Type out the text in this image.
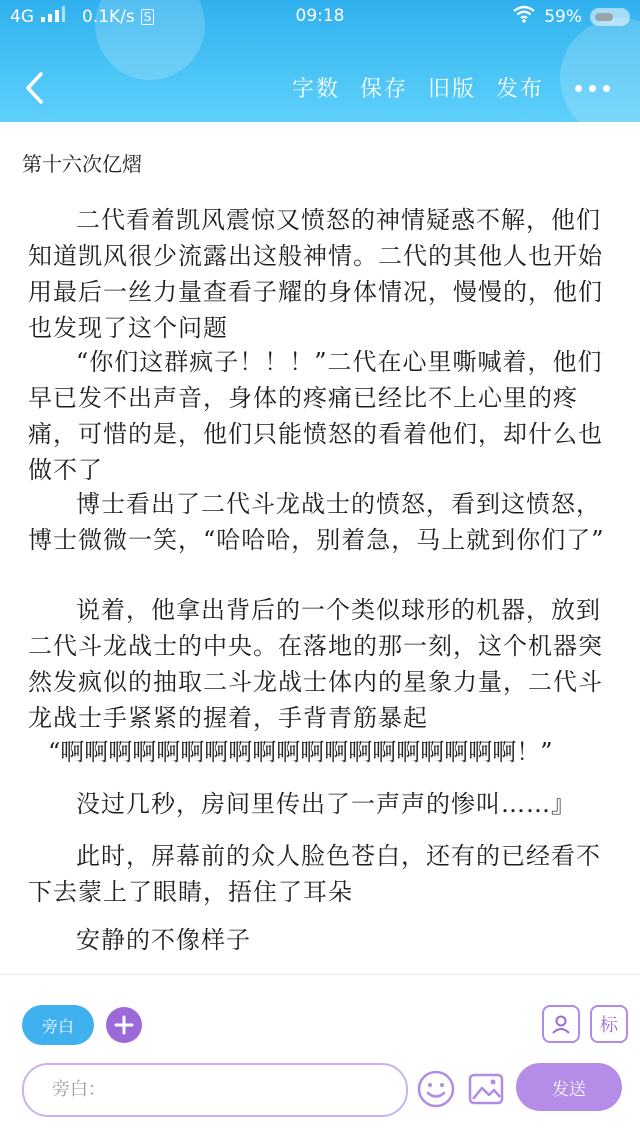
4G	0.1K/s S	09:18	59%
字数 保存 旧版 发布
第十六次亿熠

二代看着凯风震惊又愤怒的神情疑惑不解，他们知道凯风很少流露出这般神情。二代的其他人也开始用最后一丝力量查看子耀的身体情况，慢慢的，他们也发现了这个问题

“你们这群疯子！！！”二代在心里嘶喊着，他们早已发不出声音，身体的疼痛已经比不上心里的疼痛，可惜的是，他们只能愤怒的看着他们，却什么也做不了

博士看出了二代斗龙战士的愤怒，看到这愤怒，博士微微一笑，“哈哈哈，别着急，马上就到你们了”

说着，他拿出背后的一个类似球形的机器，放到二代斗龙战士的中央。在落地的那一刻，这个机器突然发疯似的抽取二斗龙战士体内的星象力量，二代斗龙战士手紧紧的握着，手背青筋暴起

“啊啊啊啊啊啊啊啊啊啊啊啊啊啊啊啊啊啊啊！”

没过几秒，房间里传出了一声声的惨叫……』

此时，屏幕前的众人脸色苍白，还有的已经看不下去蒙上了眼睛，捂住了耳朵

安静的不像样子

旁白	标
旁白：
发送
